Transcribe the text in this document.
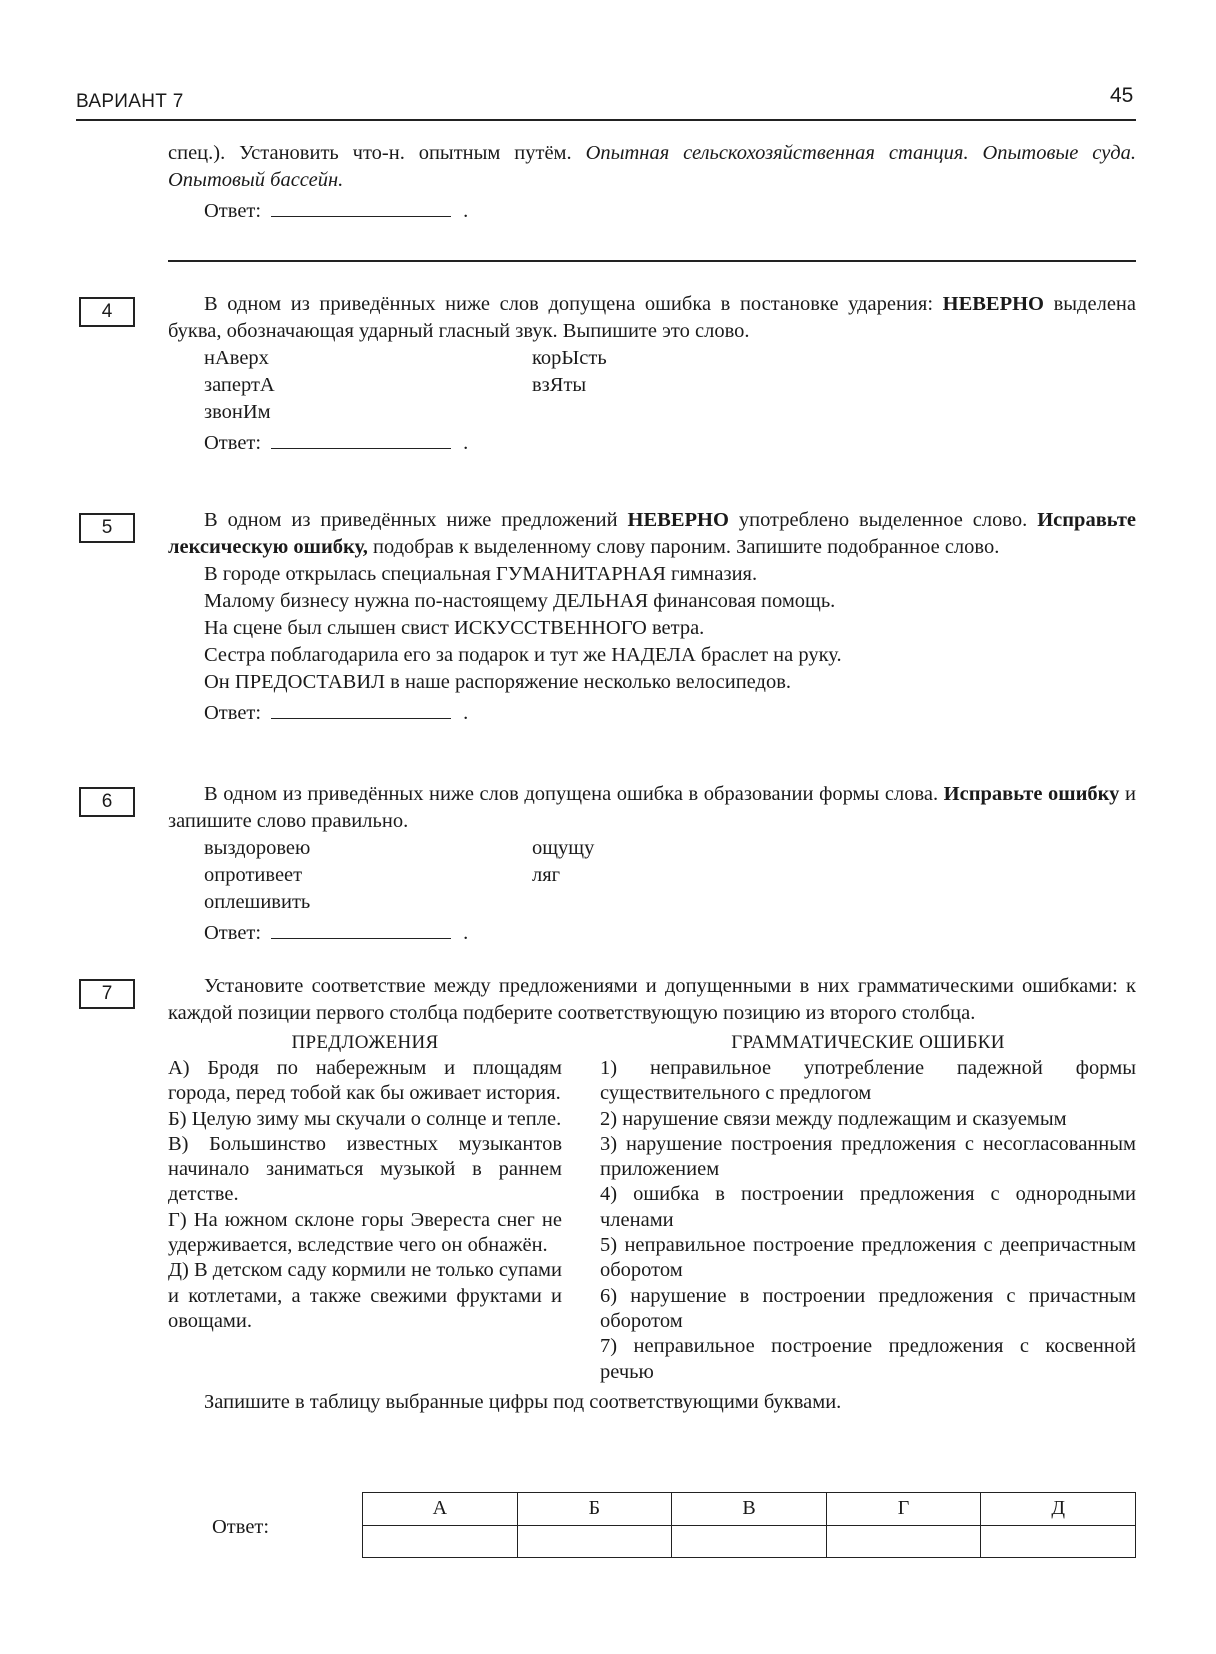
ВАРИАНТ 7	45

спец.). Установить что-н. опытным путём. Опытная сельскохозяйственная станция. Опытовые суда. Опытовый бассейн.

Ответ:	.
4	В одном из приведённых ниже слов допущена ошибка в постановке ударения: НЕВЕРНО выделена буква, обозначающая ударный гласный звук. Выпишите это слово.

нАверх	корЫсть
запертА	взЯты
звонИм
Ответ:	.
5	В одном из приведённых ниже предложений НЕВЕРНО употреблено выделенное слово. Исправьте лексическую ошибку, подобрав к выделенному слову пароним. Запишите подобранное слово.

В городе открылась специальная ГУМАНИТАРНАЯ гимназия.
Малому бизнесу нужна по-настоящему ДЕЛЬНАЯ финансовая помощь.
На сцене был слышен свист ИСКУССТВЕННОГО ветра.
Сестра поблагодарила его за подарок и тут же НАДЕЛА браслет на руку.
Он ПРЕДОСТАВИЛ в наше распоряжение несколько велосипедов.
Ответ:	.
6	В одном из приведённых ниже слов допущена ошибка в образовании формы слова. Исправьте ошибку и запишите слово правильно.

выздоровею	ощущу
опротивеет	ляг
оплешивить
Ответ:	.
7	Установите соответствие между предложениями и допущенными в них грамматическими ошибками: к каждой позиции первого столбца подберите соответствующую позицию из второго столбца.

ПРЕДЛОЖЕНИЯ

А) Бродя по набережным и площадям города, перед тобой как бы оживает история.

Б) Целую зиму мы скучали о солнце и тепле.

В) Большинство известных музыкантов начинало заниматься музыкой в раннем детстве.

Г) На южном склоне горы Эвереста снег не удерживается, вследствие чего он обнажён.

Д) В детском саду кормили не только супами и котлетами, а также свежими фруктами и овощами.

ГРАММАТИЧЕСКИЕ ОШИБКИ

1) неправильное употребление падежной формы существительного с предлогом

2) нарушение связи между подлежащим и сказуемым

3) нарушение построения предложения с несогласованным приложением

4) ошибка в построении предложения с однородными членами

5) неправильное построение предложения с деепричастным оборотом

6) нарушение в построении предложения с причастным оборотом

7) неправильное построение предложения с косвенной речью

Запишите в таблицу выбранные цифры под соответствующими буквами.

Ответ:
А	Б	В	Г	Д
